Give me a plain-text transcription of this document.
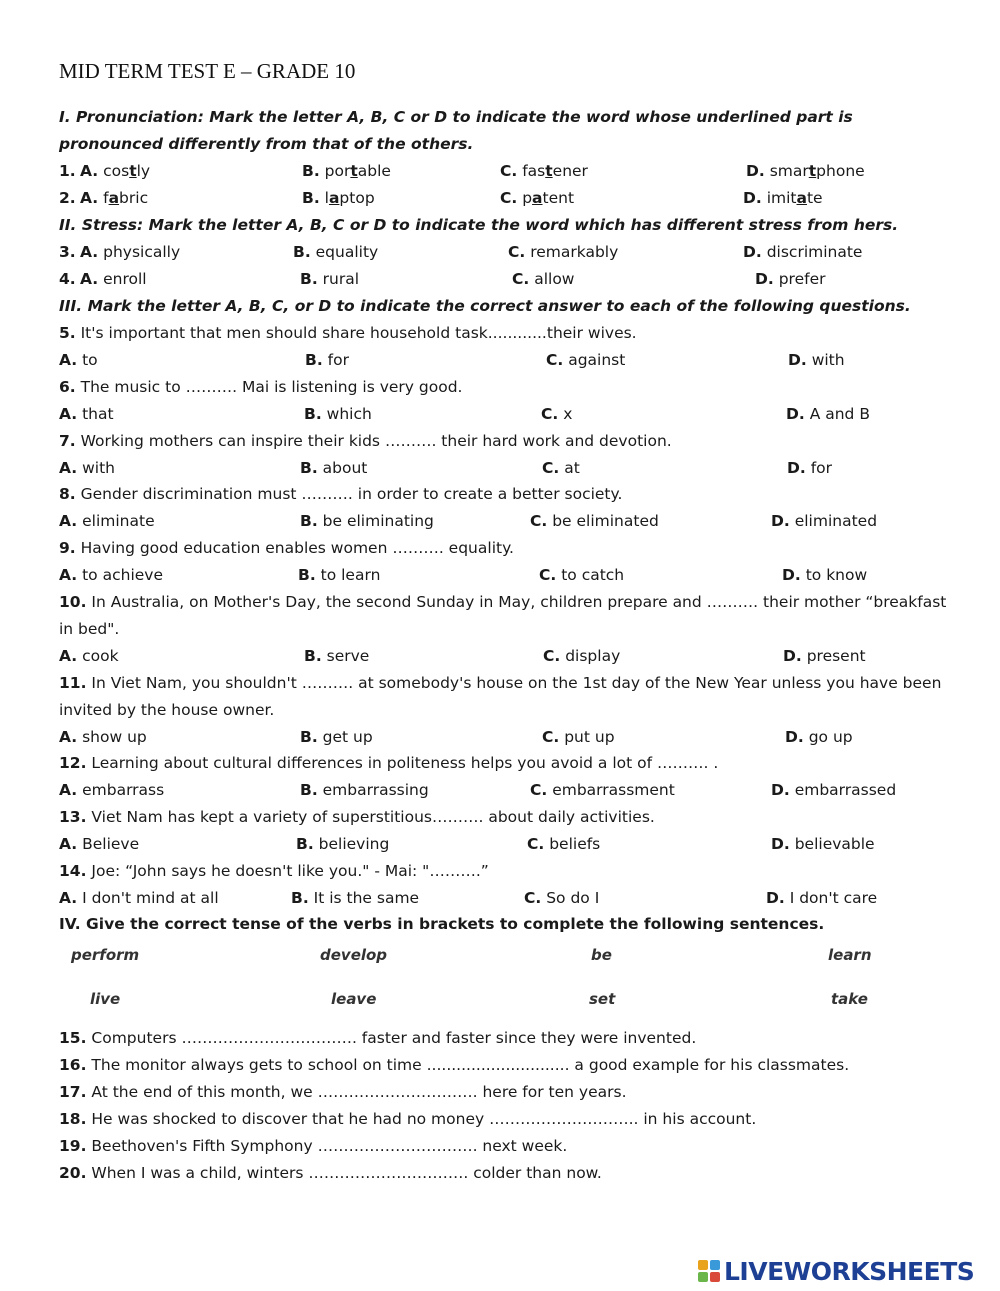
MID TERM TEST E – GRADE 10
I. Pronunciation: Mark the letter A, B, C or D to indicate the word whose underlined part is
pronounced differently from that of the others.
1. A. costly	B. portable	C. fastener	D. smartphone
2. A. fabric	B. laptop	C. patent	D. imitate
II. Stress: Mark the letter A, B, C or D to indicate the word which has different stress from hers.
3. A. physically	B. equality	C. remarkably	D. discriminate
4. A. enroll	B. rural	C. allow	D. prefer
III. Mark the letter A, B, C, or D to indicate the correct answer to each of the following questions.
5. It's important that men should share household task............their wives.
A. to	B. for	C. against	D. with
6. The music to ………. Mai is listening is very good.
A. that	B. which	C. x	D. A and B
7. Working mothers can inspire their kids ………. their hard work and devotion.
A. with	B. about	C. at	D. for
8. Gender discrimination must ………. in order to create a better society.
A. eliminate	B. be eliminating	C. be eliminated	D. eliminated
9. Having good education enables women ………. equality.
A. to achieve	B. to learn	C. to catch	D. to know
10. In Australia, on Mother's Day, the second Sunday in May, children prepare and ………. their mother “breakfast
in bed".
A. cook	B. serve	C. display	D. present
11. In Viet Nam, you shouldn't ………. at somebody's house on the 1st day of the New Year unless you have been
invited by the house owner.
A. show up	B. get up	C. put up	D. go up
12. Learning about cultural differences in politeness helps you avoid a lot of ………. .
A. embarrass	B. embarrassing	C. embarrassment	D. embarrassed
13. Viet Nam has kept a variety of superstitious………. about daily activities.
A. Believe	B. believing	C. beliefs	D. believable
14. Joe: “John says he doesn't like you." - Mai: "……….”
A. I don't mind at all	B. It is the same	C. So do I	D. I don't care
IV. Give the correct tense of the verbs in brackets to complete the following sentences.
perform	develop	be	learn
live	leave	set	take
15. Computers ……………………………. faster and faster since they were invented.
16. The monitor always gets to school on time ............................. a good example for his classmates.
17. At the end of this month, we …………………………. here for ten years.
18. He was shocked to discover that he had no money ……………………….. in his account.
19. Beethoven's Fifth Symphony …………………………. next week.
20. When I was a child, winters …………………………. colder than now.
LIVEWORKSHEETS
